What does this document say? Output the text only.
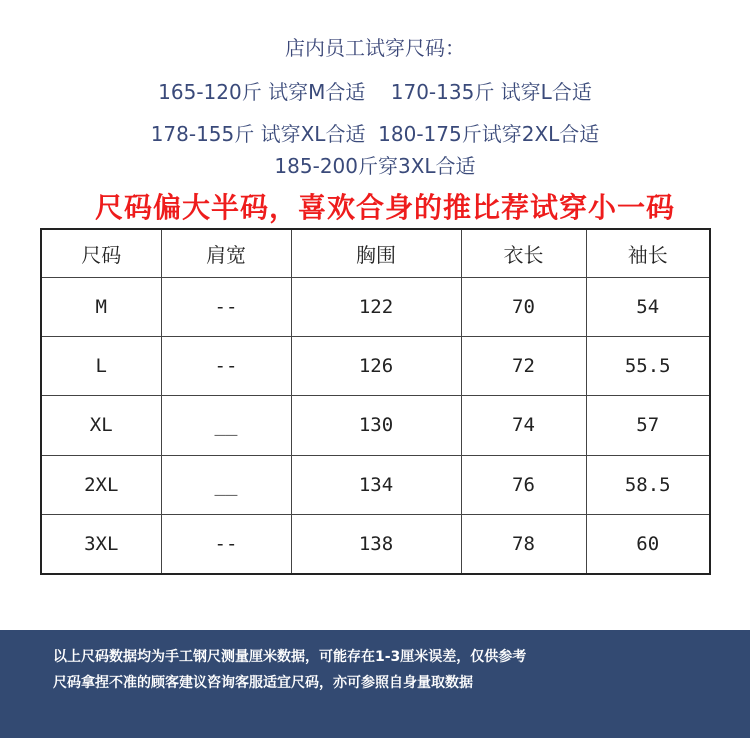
店内员工试穿尺码：
165-120斤 试穿M合适    170-135斤 试穿L合适
178-155斤 试穿XL合适  180-175斤试穿2XL合适
185-200斤穿3XL合适
尺码偏大半码，喜欢合身的推比荐试穿小一码
尺码	肩宽	胸围	衣长	袖长
M	--	122	70	54
L	--	126	72	55.5
XL	__	130	74	57
2XL	__	134	76	58.5
3XL	--	138	78	60
以上尺码数据均为手工钢尺测量厘米数据，可能存在1-3厘米误差，仅供参考
尺码拿捏不准的顾客建议咨询客服适宜尺码，亦可参照自身量取数据
